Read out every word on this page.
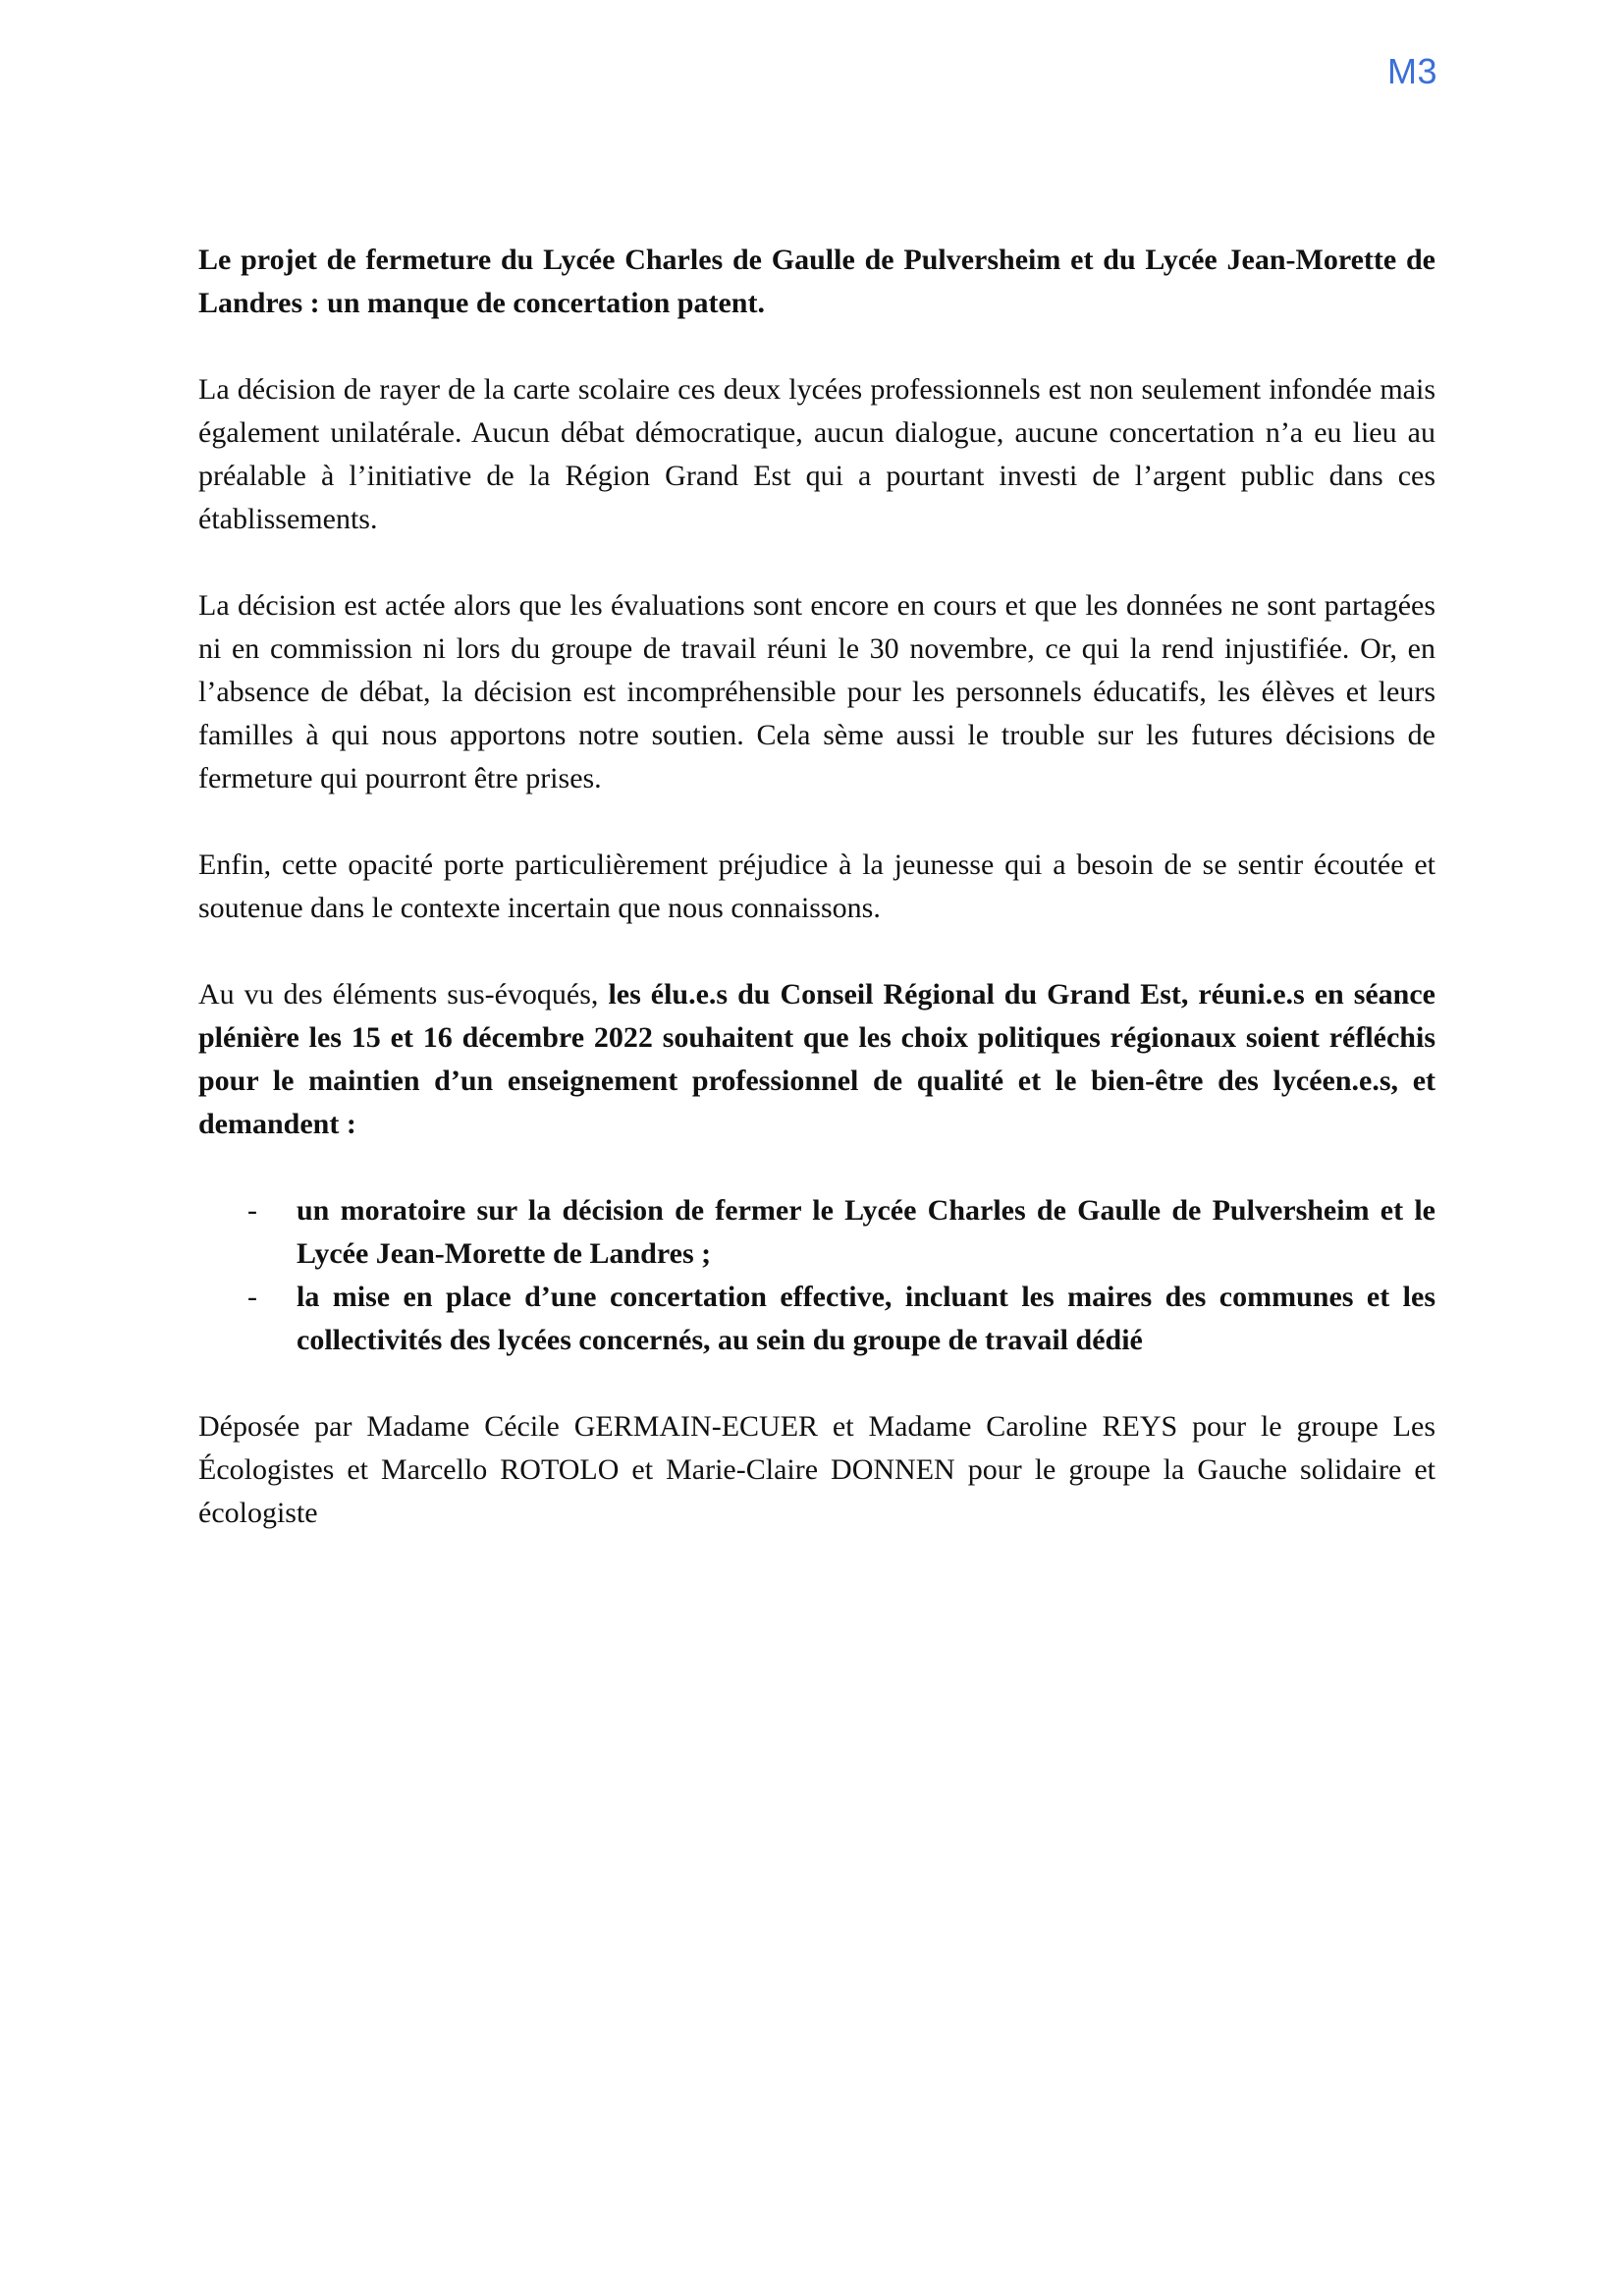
M3

Le projet de fermeture du Lycée Charles de Gaulle de Pulversheim et du Lycée Jean-Morette de Landres : un manque de concertation patent.

La décision de rayer de la carte scolaire ces deux lycées professionnels est non seulement infondée mais également unilatérale. Aucun débat démocratique, aucun dialogue, aucune concertation n’a eu lieu au préalable à l’initiative de la Région Grand Est qui a pourtant investi de l’argent public dans ces établissements.

La décision est actée alors que les évaluations sont encore en cours et que les données ne sont partagées ni en commission ni lors du groupe de travail réuni le 30 novembre, ce qui la rend injustifiée. Or, en l’absence de débat, la décision est incompréhensible pour les personnels éducatifs, les élèves et leurs familles à qui nous apportons notre soutien. Cela sème aussi le trouble sur les futures décisions de fermeture qui pourront être prises.

Enfin, cette opacité porte particulièrement préjudice à la jeunesse qui a besoin de se sentir écoutée et soutenue dans le contexte incertain que nous connaissons.

Au vu des éléments sus-évoqués, les élu.e.s du Conseil Régional du Grand Est, réuni.e.s en séance plénière les 15 et 16 décembre 2022 souhaitent que les choix politiques régionaux soient réfléchis pour le maintien d’un enseignement professionnel de qualité et le bien-être des lycéen.e.s, et demandent :

- un moratoire sur la décision de fermer le Lycée Charles de Gaulle de Pulversheim et le Lycée Jean-Morette de Landres ;
- la mise en place d’une concertation effective, incluant les maires des communes et les collectivités des lycées concernés, au sein du groupe de travail dédié

Déposée par Madame Cécile GERMAIN-ECUER et Madame Caroline REYS pour le groupe Les Écologistes et Marcello ROTOLO et Marie-Claire DONNEN pour le groupe la Gauche solidaire et écologiste
